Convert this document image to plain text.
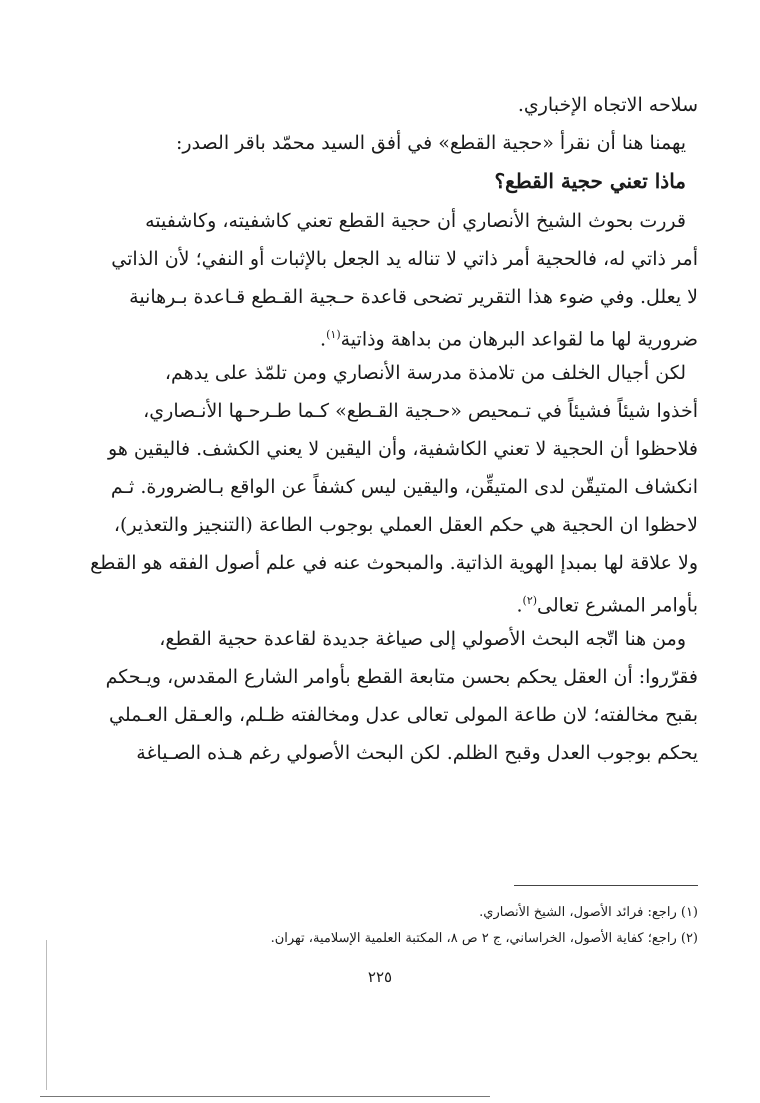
سلاحه الاتجاه الإخباري.
يهمنا هنا أن نقرأ «حجية القطع» في أفق السيد محمّد باقر الصدر:
ماذا تعني حجية القطع؟
قررت بحوث الشيخ الأنصاري أن حجية القطع تعني كاشفيته، وكاشفيته
أمر ذاتي له، فالحجية أمر ذاتي لا تناله يد الجعل بالإثبات أو النفي؛ لأن الذاتي
لا يعلل. وفي ضوء هذا التقرير تضحى قاعدة حـجية القـطع قـاعدة بـرهانية
ضرورية لها ما لقواعد البرهان من بداهة وذاتية$^{(١)}$.
لكن أجيال الخلف من تلامذة مدرسة الأنصاري ومن تلمّذ على يدهم،
أخذوا شيئاً فشيئاً في تـمحيص «حـجية القـطع» كـما طـرحـها الأنـصاري،
فلاحظوا أن الحجية لا تعني الكاشفية، وأن اليقين لا يعني الكشف. فاليقين هو
انكشاف المتيقّن لدى المتيقِّن، واليقين ليس كشفاً عن الواقع بـالضرورة. ثـم
لاحظوا ان الحجية هي حكم العقل العملي بوجوب الطاعة (التنجيز والتعذير)،
ولا علاقة لها بمبدإ الهوية الذاتية. والمبحوث عنه في علم أصول الفقه هو القطع
بأوامر المشرع تعالى$^{(٢)}$.
ومن هنا اتّجه البحث الأصولي إلى صياغة جديدة لقاعدة حجية القطع،
فقرّروا: أن العقل يحكم بحسن متابعة القطع بأوامر الشارع المقدس، ويـحكم
بقبح مخالفته؛ لان طاعة المولى تعالى عدل ومخالفته ظـلم، والعـقل العـملي
يحكم بوجوب العدل وقبح الظلم. لكن البحث الأصولي رغم هـذه الصـياغة
(١) راجع: فرائد الأصول، الشيخ الأنصاري.
(٢) راجع؛ كفاية الأصول، الخراساني، ج ٢ ص ٨، المكتبة العلمية الإسلامية، تهران.
٢٢٥
